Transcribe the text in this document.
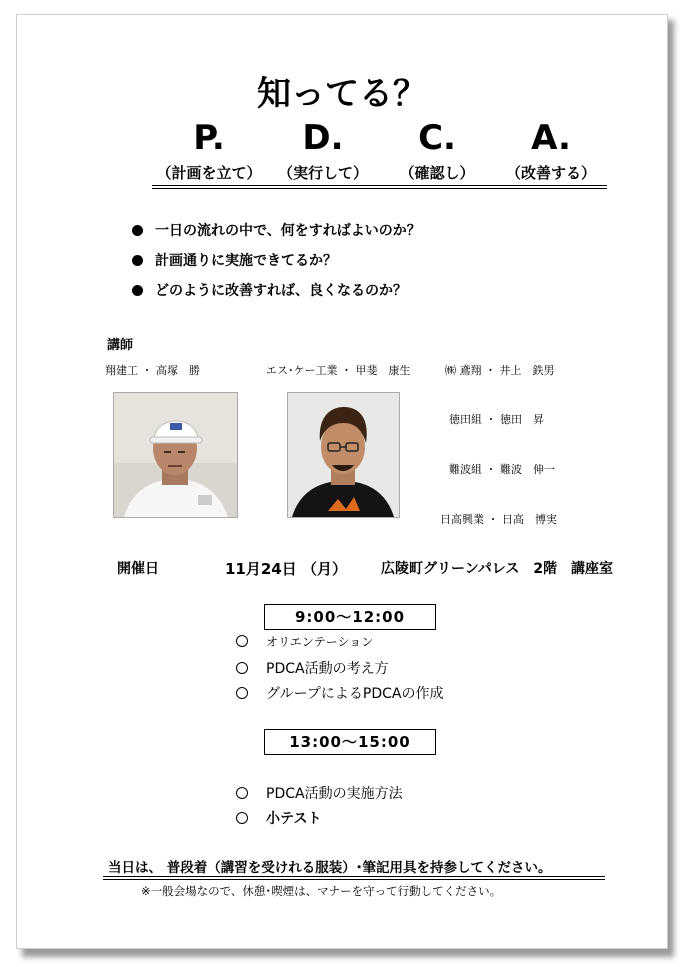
知ってる？
P.	D.	C.	A.
（計画を立て）	（実行して）	（確認し）	（改善する）
一日の流れの中で、何をすればよいのか？
計画通りに実施できてるか？
どのように改善すれば、良くなるのか？
講師
翔建工 ・ 高塚　勝	エス･ケー工業 ・ 甲斐　康生	㈱ 鳶翔 ・ 井上　鉄男
徳田組 ・ 徳田　昇
難波組 ・ 難波　伸一
日高興業 ・ 日高　博実
開催日	11月24日 （月） 広陵町グリーンパレス　2階　講座室
9:00～12:00
オリエンテーション
PDCA活動の考え方
グループによるPDCAの作成
13:00～15:00
PDCA活動の実施方法
小テスト
当日は、 普段着（講習を受けれる服装）･筆記用具を持参してください。
※一般会場なので、休憩･喫煙は、マナーを守って行動してください。
